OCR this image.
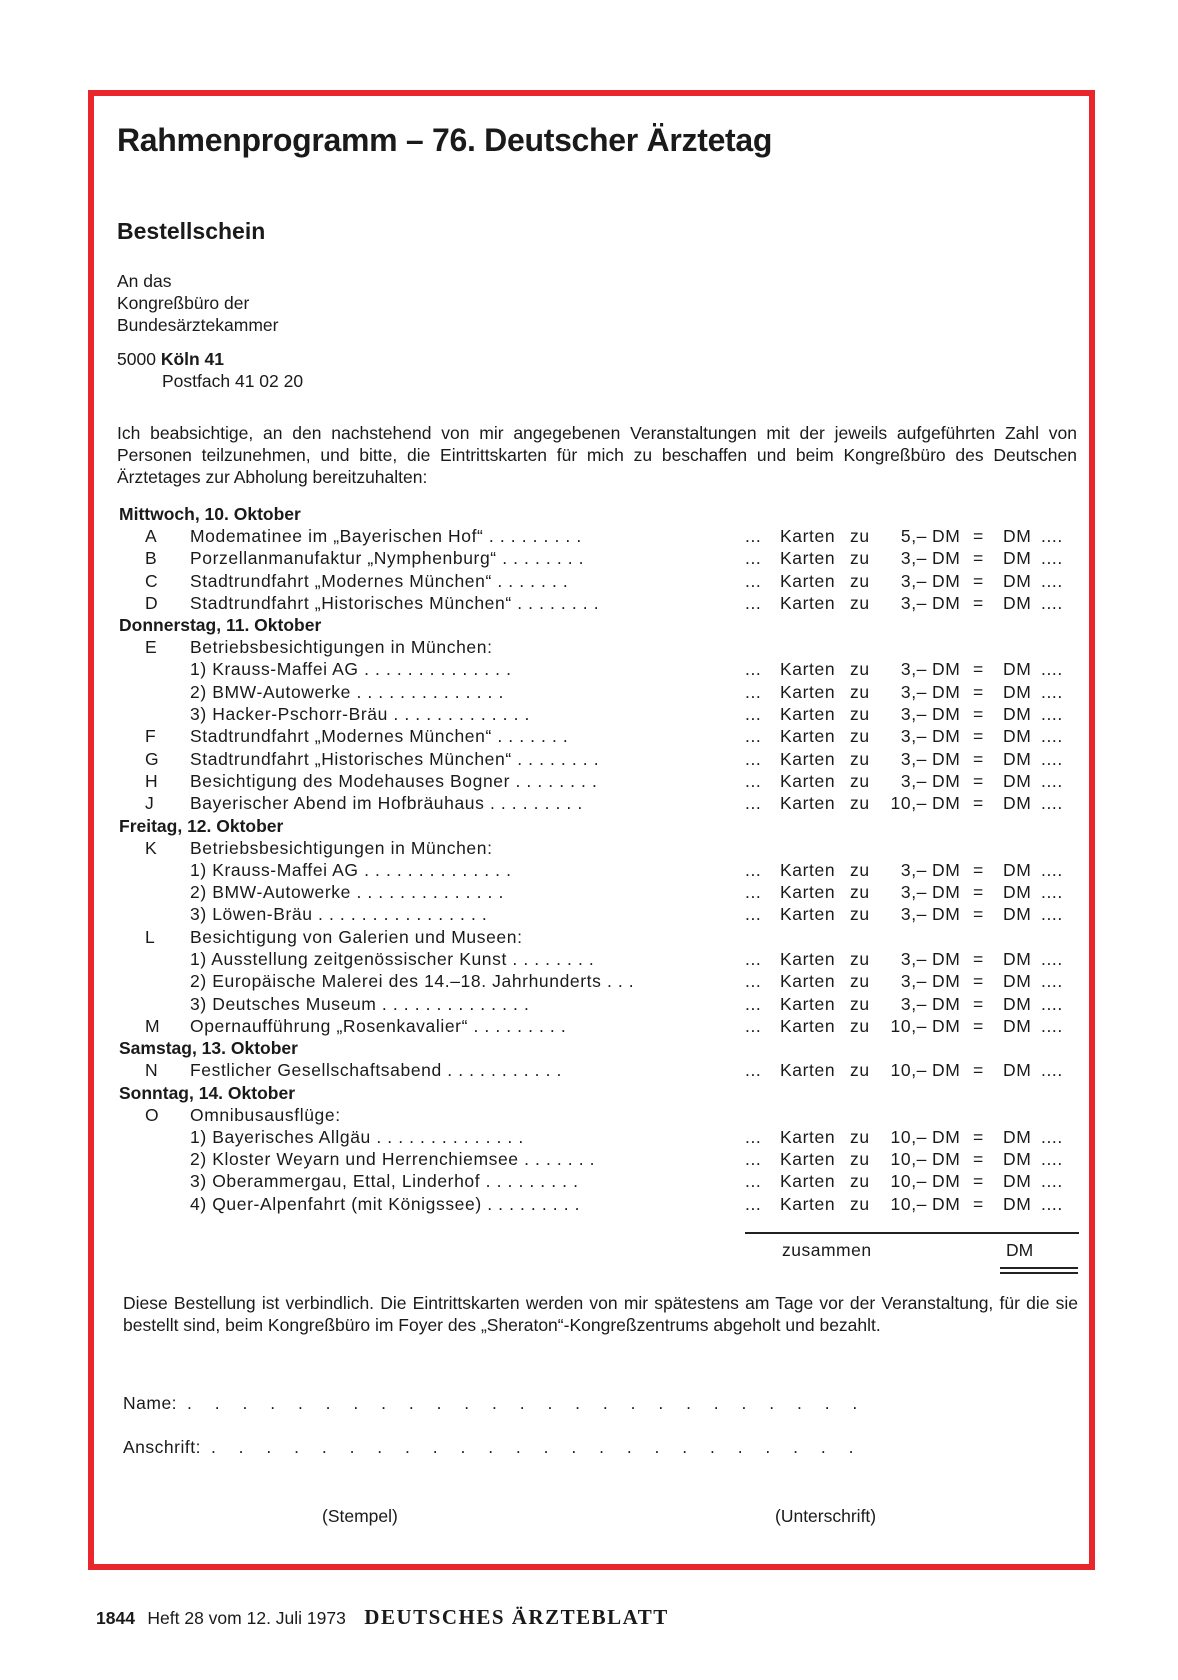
Rahmenprogramm – 76. Deutscher Ärztetag
Bestellschein
An das
Kongreßbüro der
Bundesärztekammer
5000 Köln 41
Postfach 41 02 20

Ich beabsichtige, an den nachstehend von mir angegebenen Veranstaltungen mit der jeweils aufgeführten Zahl von Personen teilzunehmen, und bitte, die Eintrittskarten für mich zu beschaffen und beim Kongreßbüro des Deutschen Ärztetages zur Abholung bereitzuhalten:

Mittwoch, 10. Oktober
A Modematinee im „Bayerischen Hof“ . . . . . . . . .	... Karten zu	5,– DM = DM ....
B Porzellanmanufaktur „Nymphenburg“ . . . . . . . .	... Karten zu	3,– DM = DM ....
C Stadtrundfahrt „Modernes München“ . . . . . . .	... Karten zu	3,– DM = DM ....
D Stadtrundfahrt „Historisches München“ . . . . . . . .	... Karten zu	3,– DM = DM ....
Donnerstag, 11. Oktober
E Betriebsbesichtigungen in München:
1) Krauss-Maffei AG . . . . . . . . . . . . . .	... Karten zu	3,– DM = DM ....
2) BMW-Autowerke . . . . . . . . . . . . . .	... Karten zu	3,– DM = DM ....
3) Hacker-Pschorr-Bräu . . . . . . . . . . . . .	... Karten zu	3,– DM = DM ....
F Stadtrundfahrt „Modernes München“ . . . . . . .	... Karten zu	3,– DM = DM ....
G Stadtrundfahrt „Historisches München“ . . . . . . . .	... Karten zu	3,– DM = DM ....
H Besichtigung des Modehauses Bogner . . . . . . . .	... Karten zu	3,– DM = DM ....
J Bayerischer Abend im Hofbräuhaus . . . . . . . . .	... Karten zu	10,– DM = DM ....
Freitag, 12. Oktober
K Betriebsbesichtigungen in München:
1) Krauss-Maffei AG . . . . . . . . . . . . . .	... Karten zu	3,– DM = DM ....
2) BMW-Autowerke . . . . . . . . . . . . . .	... Karten zu	3,– DM = DM ....
3) Löwen-Bräu . . . . . . . . . . . . . . . .	... Karten zu	3,– DM = DM ....
L Besichtigung von Galerien und Museen:
1) Ausstellung zeitgenössischer Kunst . . . . . . . .	... Karten zu	3,– DM = DM ....
2) Europäische Malerei des 14.–18. Jahrhunderts . . .	... Karten zu	3,– DM = DM ....
3) Deutsches Museum . . . . . . . . . . . . . .	... Karten zu	3,– DM = DM ....
M Opernaufführung „Rosenkavalier“ . . . . . . . . .	... Karten zu	10,– DM = DM ....
Samstag, 13. Oktober
N Festlicher Gesellschaftsabend . . . . . . . . . . .	... Karten zu	10,– DM = DM ....
Sonntag, 14. Oktober
O Omnibusausflüge:
1) Bayerisches Allgäu . . . . . . . . . . . . . .	... Karten zu	10,– DM = DM ....
2) Kloster Weyarn und Herrenchiemsee . . . . . . .	... Karten zu	10,– DM = DM ....
3) Oberammergau, Ettal, Linderhof . . . . . . . . .	... Karten zu	10,– DM = DM ....
4) Quer-Alpenfahrt (mit Königssee) . . . . . . . . .	... Karten zu	10,– DM = DM ....
zusammen	DM

Diese Bestellung ist verbindlich. Die Eintrittskarten werden von mir spätestens am Tage vor der Veranstaltung, für die sie bestellt sind, beim Kongreßbüro im Foyer des „Sheraton“-Kongreßzentrums abgeholt und bezahlt.

Name: . . . . . . . . . . . . . . . . . . . . . . . . .
Anschrift: . . . . . . . . . . . . . . . . . . . . . . . .
(Stempel)	(Unterschrift)
1844 Heft 28 vom 12. Juli 1973 DEUTSCHES ÄRZTEBLATT
